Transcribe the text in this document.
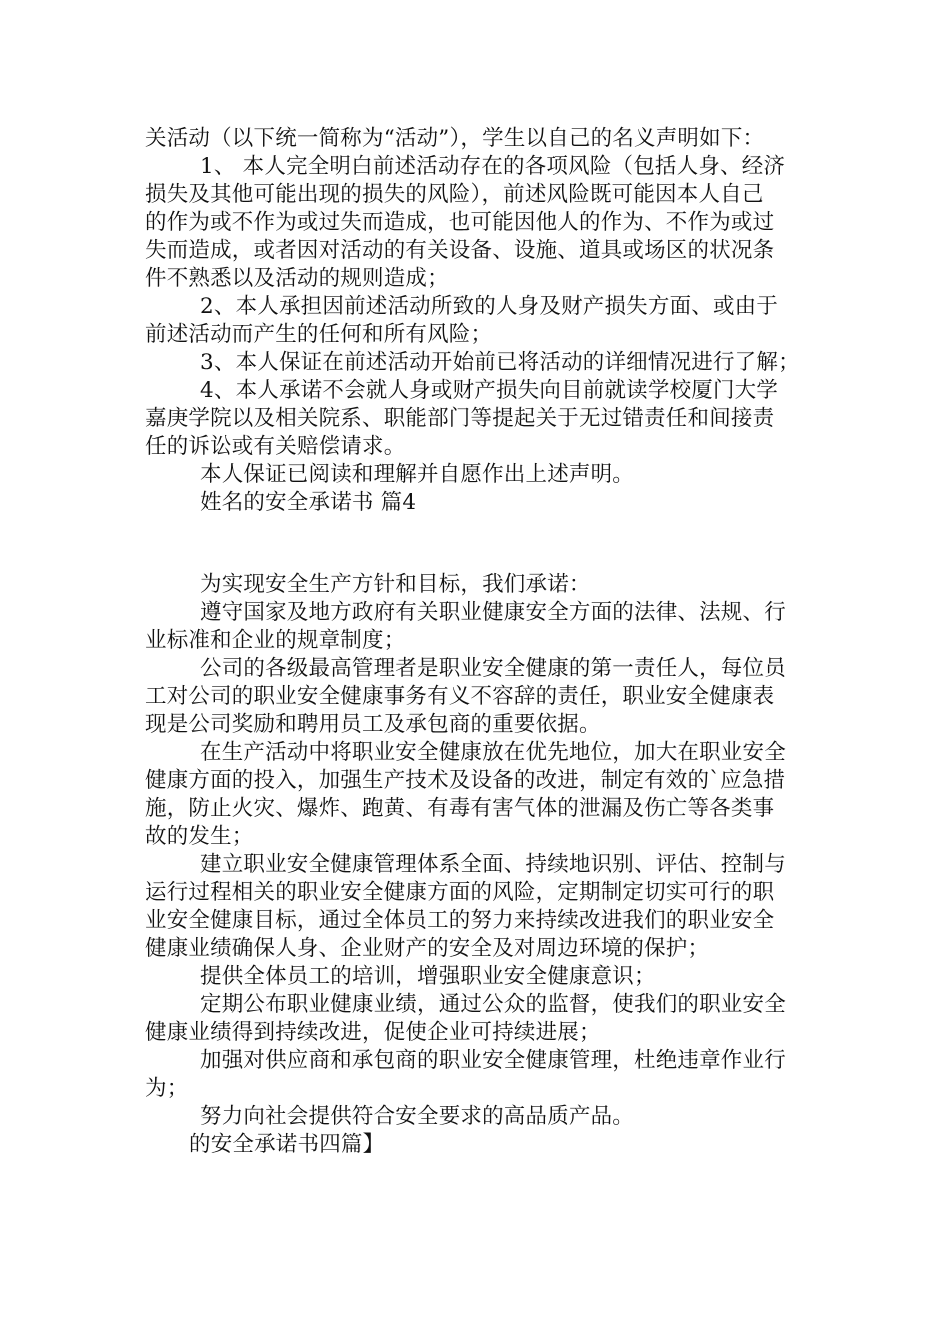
关活动（以下统一简称为“活动”），学生以自己的名义声明如下：
1、 本人完全明白前述活动存在的各项风险（包括人身、经济
损失及其他可能出现的损失的风险），前述风险既可能因本人自己
的作为或不作为或过失而造成，也可能因他人的作为、不作为或过
失而造成，或者因对活动的有关设备、设施、道具或场区的状况条
件不熟悉以及活动的规则造成；
2、本人承担因前述活动所致的人身及财产损失方面、或由于
前述活动而产生的任何和所有风险；
3、本人保证在前述活动开始前已将活动的详细情况进行了解；
4、本人承诺不会就人身或财产损失向目前就读学校厦门大学
嘉庚学院以及相关院系、职能部门等提起关于无过错责任和间接责
任的诉讼或有关赔偿请求。
本人保证已阅读和理解并自愿作出上述声明。
姓名的安全承诺书 篇4
为实现安全生产方针和目标，我们承诺：
遵守国家及地方政府有关职业健康安全方面的法律、法规、行
业标准和企业的规章制度；
公司的各级最高管理者是职业安全健康的第一责任人，每位员
工对公司的职业安全健康事务有义不容辞的责任，职业安全健康表
现是公司奖励和聘用员工及承包商的重要依据。
在生产活动中将职业安全健康放在优先地位，加大在职业安全
健康方面的投入，加强生产技术及设备的改进，制定有效的`应急措
施，防止火灾、爆炸、跑黄、有毒有害气体的泄漏及伤亡等各类事
故的发生；
建立职业安全健康管理体系全面、持续地识别、评估、控制与
运行过程相关的职业安全健康方面的风险，定期制定切实可行的职
业安全健康目标，通过全体员工的努力来持续改进我们的职业安全
健康业绩确保人身、企业财产的安全及对周边环境的保护；
提供全体员工的培训，增强职业安全健康意识；
定期公布职业健康业绩，通过公众的监督，使我们的职业安全
健康业绩得到持续改进，促使企业可持续进展；
加强对供应商和承包商的职业安全健康管理，杜绝违章作业行
为；
努力向社会提供符合安全要求的高品质产品。
的安全承诺书四篇】
